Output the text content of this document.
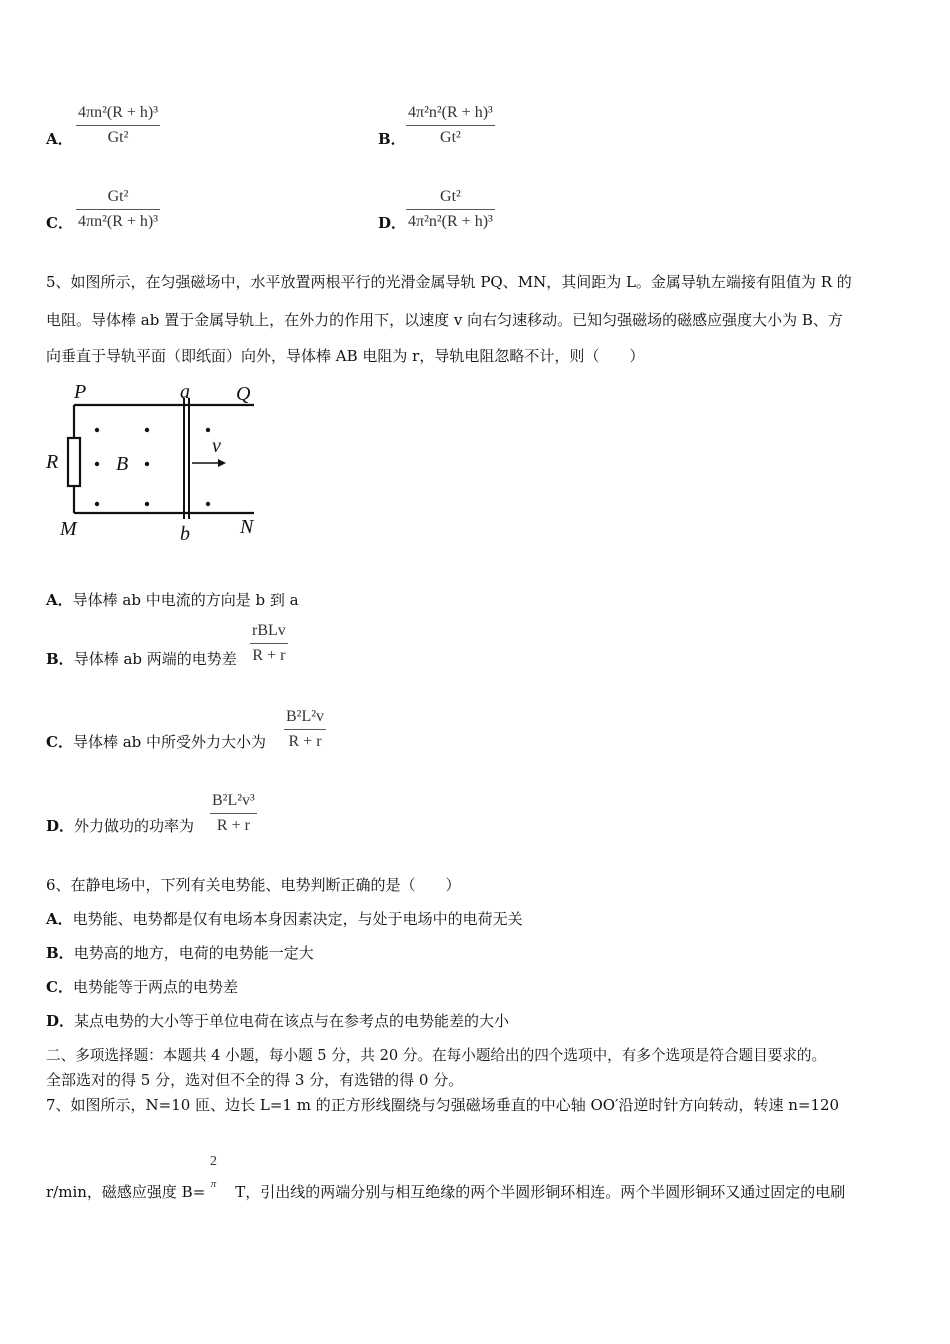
A．
4πn²(R + h)³
Gt²	B．
4π²n²(R + h)³
Gt²
C．
Gt²
4πn²(R + h)³	D．
Gt²
4π²n²(R + h)³
5、如图所示，在匀强磁场中，水平放置两根平行的光滑金属导轨 PQ、MN，其间距为 L。金属导轨左端接有阻值为 R 的
电阻。导体棒 ab 置于金属导轨上，在外力的作用下，以速度 v 向右匀速移动。已知匀强磁场的磁感应强度大小为 B、方
向垂直于导轨平面（即纸面）向外，导体棒 AB 电阻为 r，导轨电阻忽略不计，则（　　）
P	a Q
R	B
v
M	b	N
A．导体棒 ab 中电流的方向是 b 到 a
B．导体棒 ab 两端的电势差
rBLv
R + r
C．导体棒 ab 中所受外力大小为
B²L²v
R + r
D．外力做功的功率为
B²L²v³
R + r
6、在静电场中，下列有关电势能、电势判断正确的是（　　）
A．电势能、电势都是仅有电场本身因素决定，与处于电场中的电荷无关
B．电势高的地方，电荷的电势能一定大
C．电势能等于两点的电势差
D．某点电势的大小等于单位电荷在该点与在参考点的电势能差的大小
二、多项选择题：本题共 4 小题，每小题 5 分，共 20 分。在每小题给出的四个选项中，有多个选项是符合题目要求的。
全部选对的得 5 分，选对但不全的得 3 分，有选错的得 0 分。
7、如图所示，N=10 匝、边长 L=1 m 的正方形线圈绕与匀强磁场垂直的中心轴 OO′沿逆时针方向转动，转速 n=120
r/min，磁感应强度 B= T，引出线的两端分别与相互绝缘的两个半圆形铜环相连。两个半圆形铜环又通过固定的电刷
2
π
